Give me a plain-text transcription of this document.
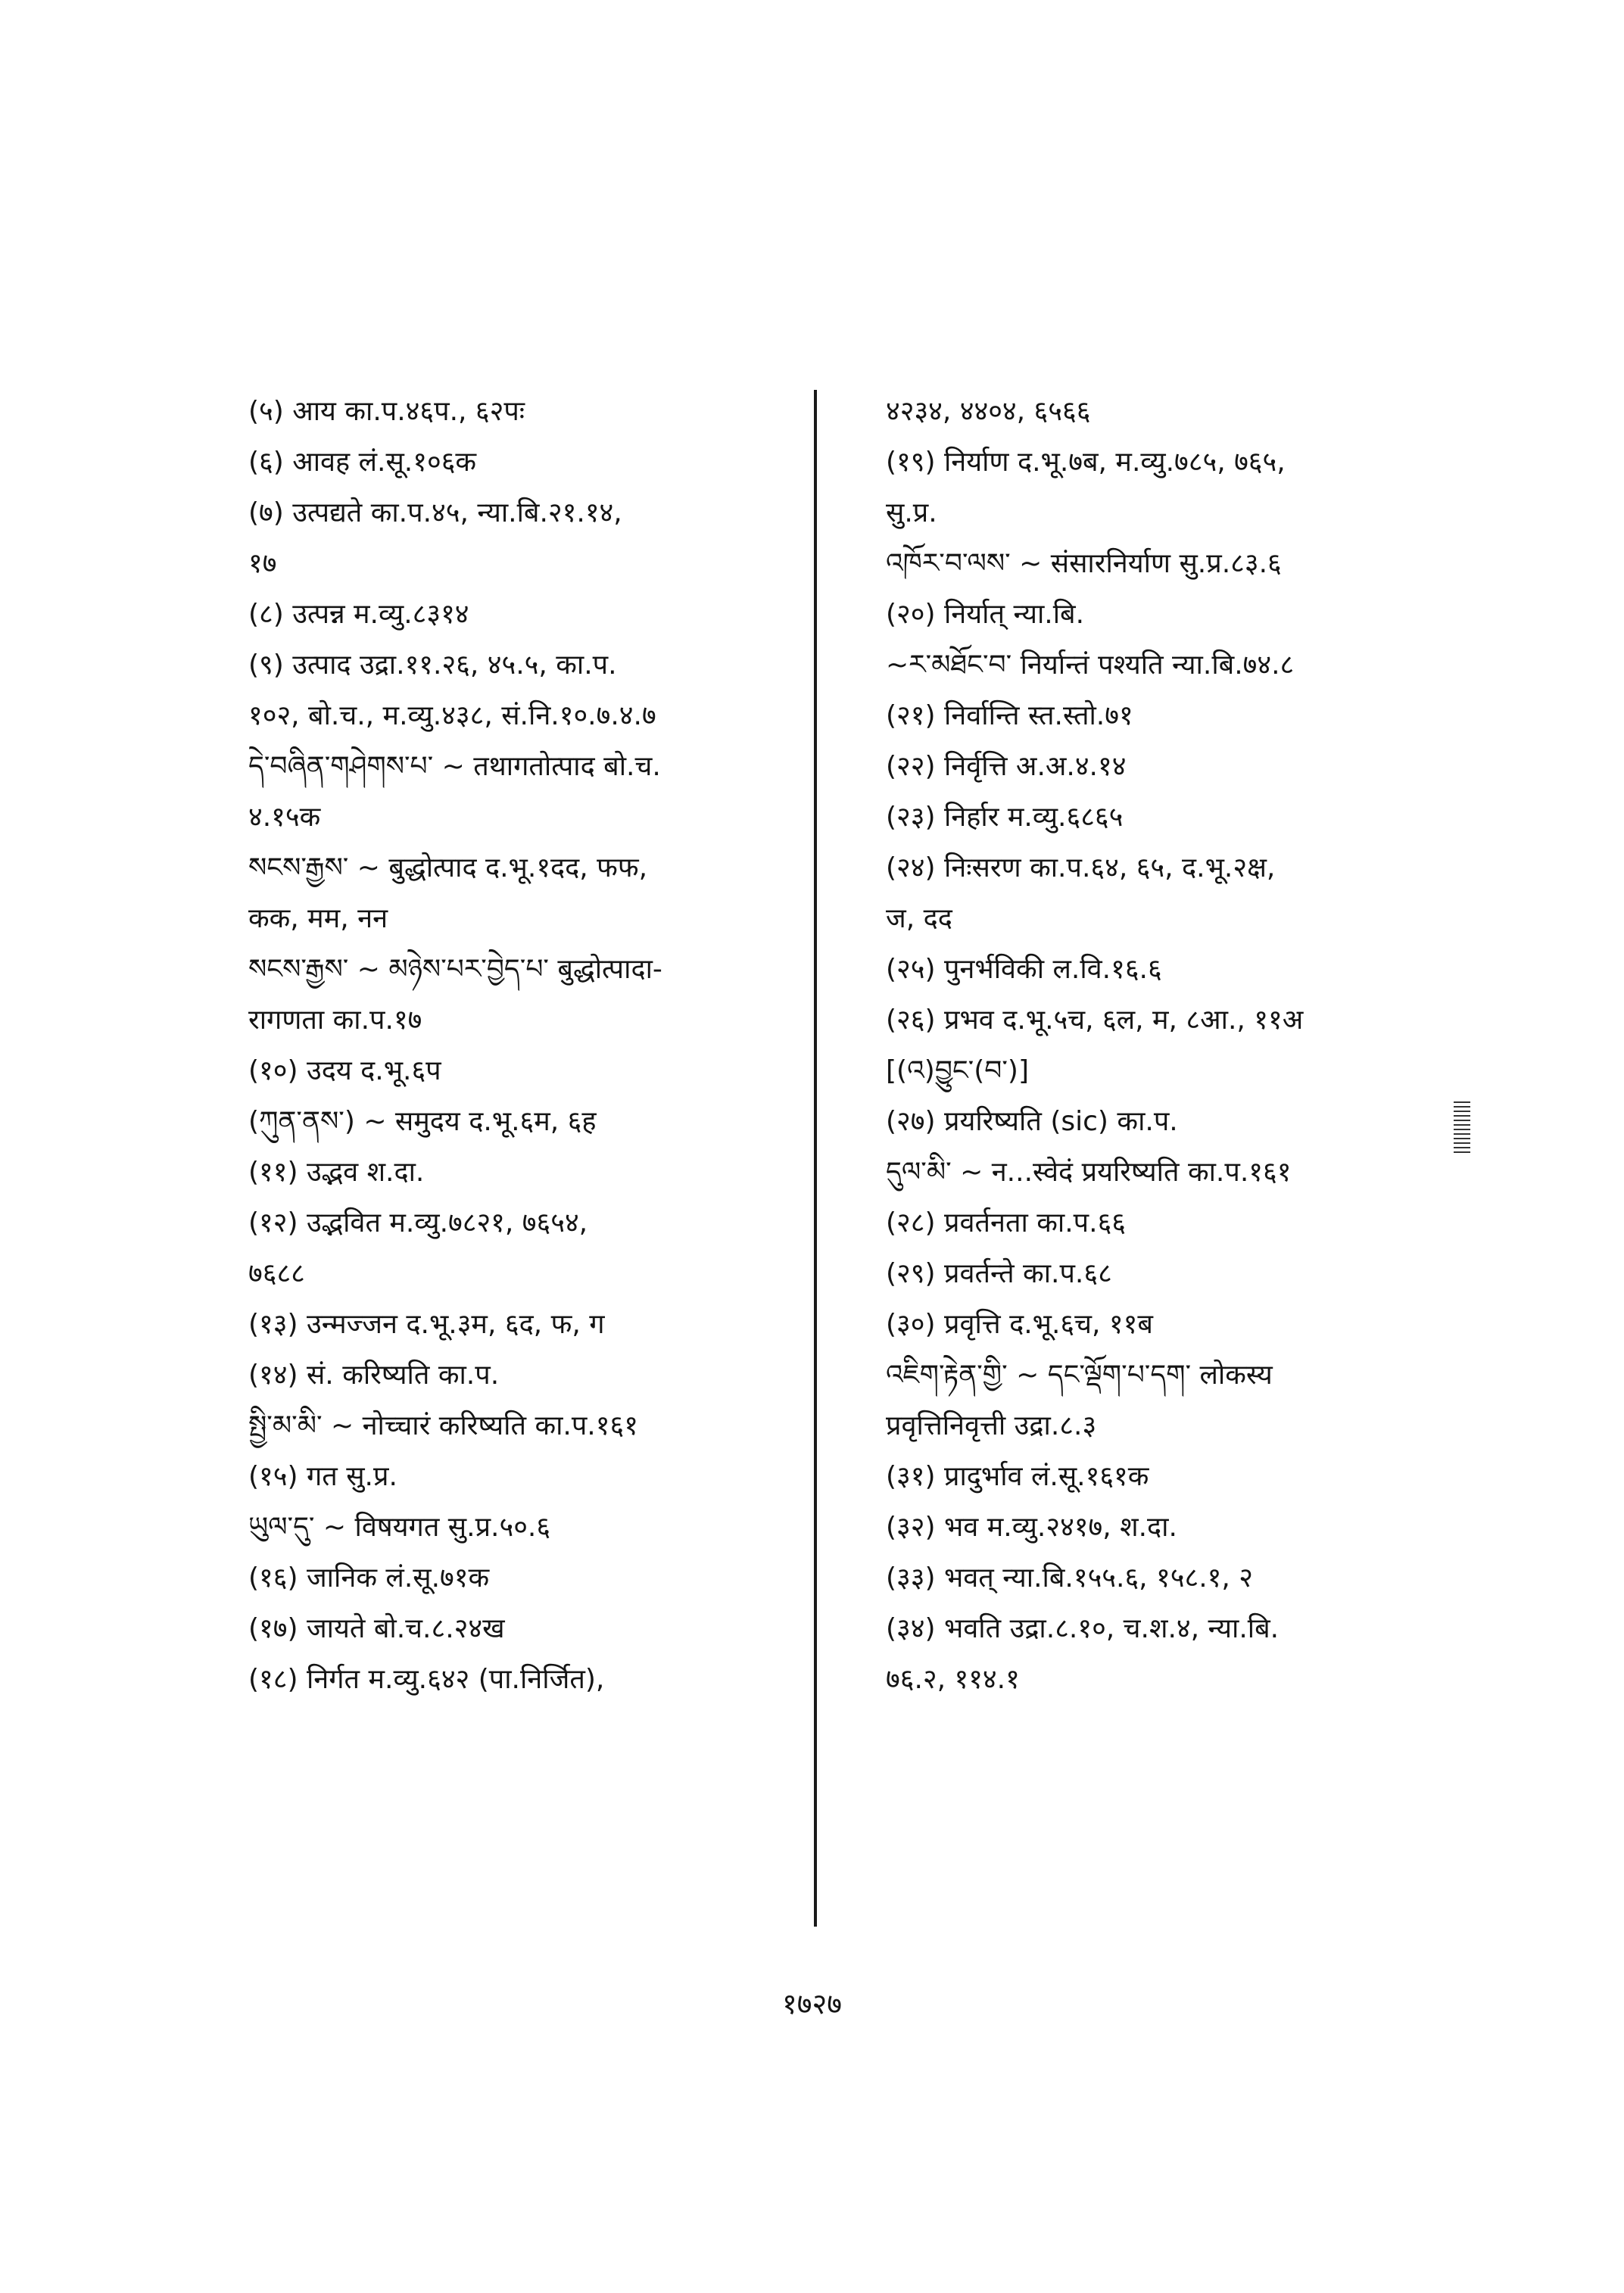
(५) आय का.प.४६प., ६२पः
(६) आवह लं.सू.१०६क
(७) उत्पद्यते का.प.४५, न्या.बि.२१.१४,
१७
(८) उत्पन्न म.व्यु.८३१४
(९) उत्पाद उद्रा.११.२६, ४५.५, का.प.
१०२, बो.च., म.व्यु.४३८, सं.नि.१०.७.४.७
དེ་བཞིན་གཤེགས་པ་ ~ तथागतोत्पाद बो.च.
४.१५क
སངས་རྒྱས་ ~ बुद्धोत्पाद द.भू.१दद, फफ,
कक, मम, नन
སངས་རྒྱས་ ~ མཉེས་པར་བྱེད་པ་ बुद्धोत्पादा-
रागणता का.प.१७
(१०) उदय द.भू.६प
(ཀུན་ནས་) ~ समुदय द.भू.६म, ६ह
(११) उद्भव श.दा.
(१२) उद्भवित म.व्यु.७८२१, ७६५४,
७६८८
(१३) उन्मज्जन द.भू.३म, ६द, फ, ग
(१४) सं. करिष्यति का.प.
སྤྱི་མ་མི་ ~ नोच्चारं करिष्यति का.प.१६१
(१५) गत सु.प्र.
ཡུལ་དུ་ ~ विषयगत सु.प्र.५०.६
(१६) जानिक लं.सू.७१क
(१७) जायते बो.च.८.२४ख
(१८) निर्गत म.व्यु.६४२ (पा.निर्जित),
४२३४, ४४०४, ६५६६
(१९) निर्याण द.भू.७ब, म.व्यु.७८५, ७६५,
सु.प्र.
འཁོར་བ་ལས་ ~ संसारनिर्याण सु.प्र.८३.६
(२०) निर्यात् न्या.बि.
~ར་མཐོང་བ་ निर्यान्तं पश्यति न्या.बि.७४.८
(२१) निर्वान्ति स्त.स्तो.७१
(२२) निर्वृत्ति अ.अ.४.१४
(२३) निर्हार म.व्यु.६८६५
(२४) निःसरण का.प.६४, ६५, द.भू.२क्ष,
ज, दद
(२५) पुनर्भविकी ल.वि.१६.६
(२६) प्रभव द.भू.५च, ६ल, म, ८आ., ११अ
[(འ)བྱུང་(བ་)]
(२७) प्रयरिष्यति (sic) का.प.
དུལ་མི་ ~ न...स्वेदं प्रयरिष्यति का.प.१६१
(२८) प्रवर्तनता का.प.६६
(२९) प्रवर्तन्ते का.प.६८
(३०) प्रवृत्ति द.भू.६च, ११ब
འཇིག་རྟེན་གྱི་ ~ དང་ལྡོག་པ་དག་ लोकस्य
प्रवृत्तिनिवृत्ती उद्रा.८.३
(३१) प्रादुर्भाव लं.सू.१६१क
(३२) भव म.व्यु.२४१७, श.दा.
(३३) भवत् न्या.बि.१५५.६, १५८.१, २
(३४) भवति उद्रा.८.१०, च.श.४, न्या.बि.
७६.२, ११४.१
१७२७
